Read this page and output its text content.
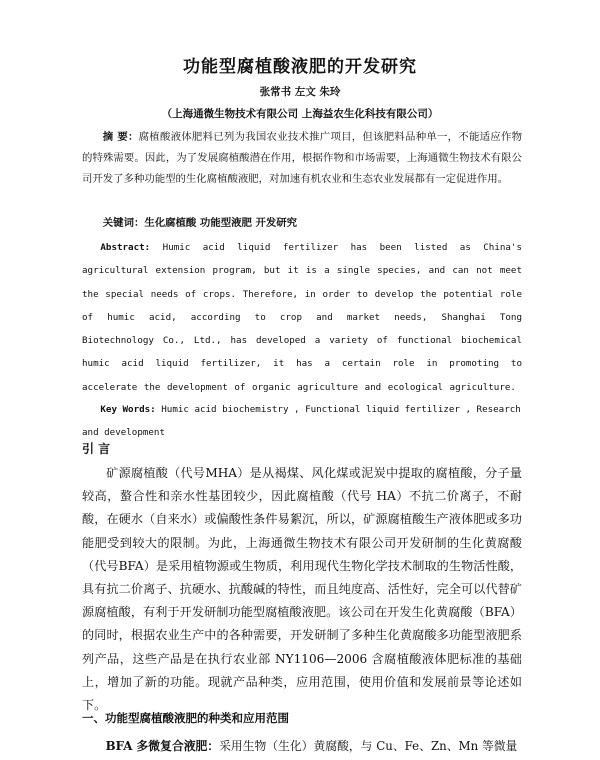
功能型腐植酸液肥的开发研究
张常书 左文 朱玲
（上海通微生物技术有限公司 上海益农生化科技有限公司）
摘 要：腐植酸液体肥料已列为我国农业技术推广项目，但该肥料品种单一，不能适应作物的特殊需要。因此，为了发展腐植酸潜在作用，根据作物和市场需要，上海通微生物技术有限公司开发了多种功能型的生化腐植酸液肥，对加速有机农业和生态农业发展都有一定促进作用。
关键词：生化腐植酸 功能型液肥 开发研究
Abstract: Humic acid liquid fertilizer has been listed as China's agricultural extension program, but it is a single species, and can not meet the special needs of crops. Therefore, in order to develop the potential role of humic acid, according to crop and market needs, Shanghai Tong Biotechnology Co., Ltd., has developed a variety of functional biochemical humic acid liquid fertilizer, it has a certain role in promoting to accelerate the development of organic agriculture and ecological agriculture.
Key Words: Humic acid biochemistry , Functional liquid fertilizer , Research and development
引 言
矿源腐植酸（代号MHA）是从褐煤、风化煤或泥炭中提取的腐植酸，分子量较高，螯合性和亲水性基团较少，因此腐植酸（代号 HA）不抗二价离子，不耐酸，在硬水（自来水）或偏酸性条件易絮沉，所以，矿源腐植酸生产液体肥或多功能肥受到较大的限制。为此，上海通微生物技术有限公司开发研制的生化黄腐酸（代号BFA）是采用植物源或生物质，利用现代生物化学技术制取的生物活性酸，具有抗二价离子、抗硬水、抗酸碱的特性，而且纯度高、活性好，完全可以代替矿源腐植酸，有利于开发研制功能型腐植酸液肥。该公司在开发生化黄腐酸（BFA）的同时，根据农业生产中的各种需要，开发研制了多种生化黄腐酸多功能型液肥系列产品，这些产品是在执行农业部 NY1106—2006 含腐植酸液体肥标准的基础上，增加了新的功能。现就产品种类，应用范围，使用价值和发展前景等论述如下。
一、功能型腐植酸液肥的种类和应用范围
BFA 多微复合液肥：采用生物（生化）黄腐酸，与 Cu、Fe、Zn、Mn 等微量
